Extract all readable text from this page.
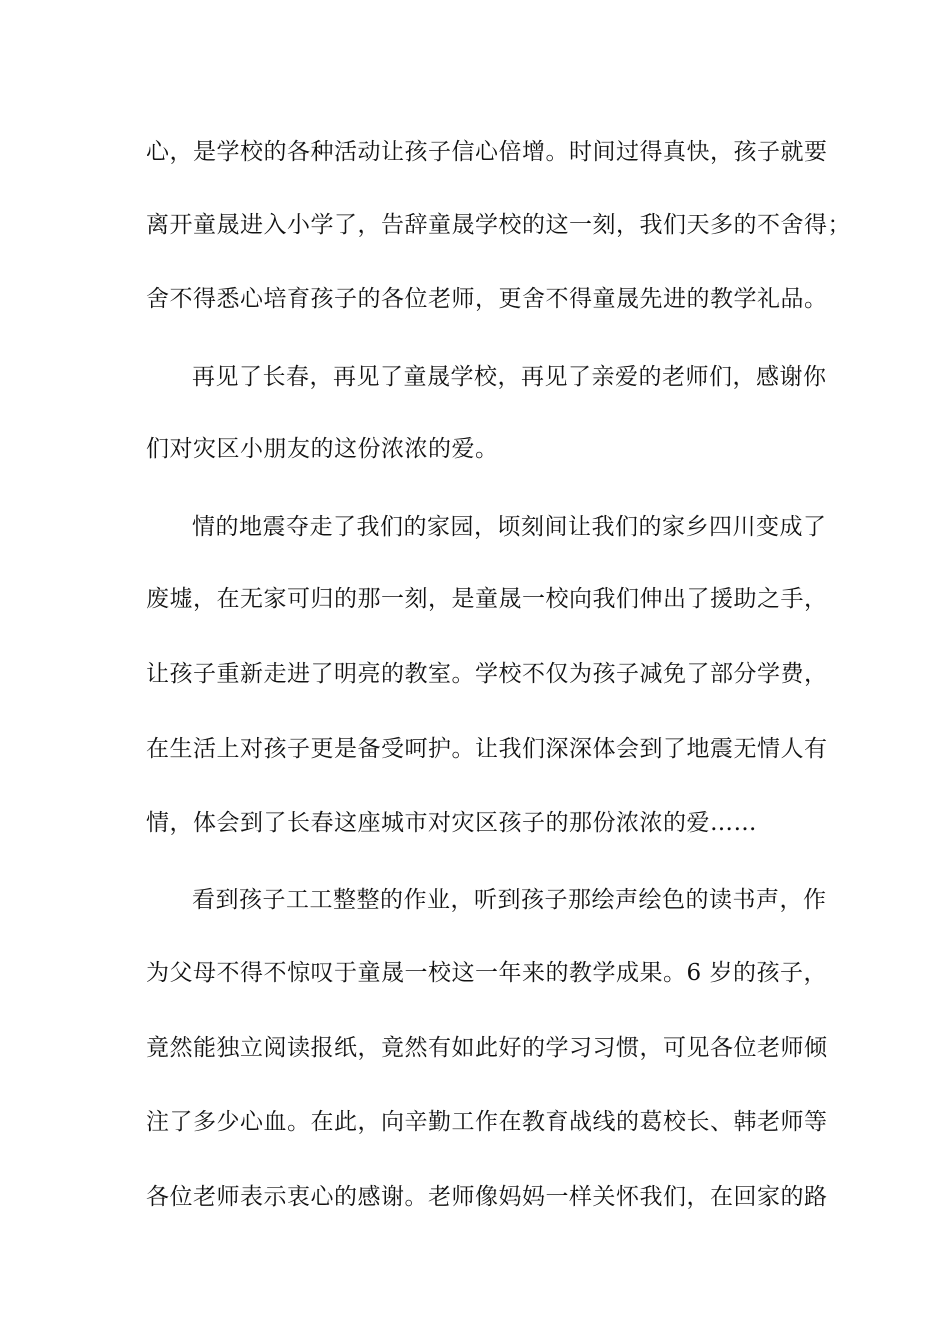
心，是学校的各种活动让孩子信心倍增。时间过得真快，孩子就要
离开童晟进入小学了，告辞童晟学校的这一刻，我们天多的不舍得；
舍不得悉心培育孩子的各位老师，更舍不得童晟先进的教学礼品。
再见了长春，再见了童晟学校，再见了亲爱的老师们，感谢你
们对灾区小朋友的这份浓浓的爱。
情的地震夺走了我们的家园，顷刻间让我们的家乡四川变成了
废墟，在无家可归的那一刻，是童晟一校向我们伸出了援助之手，
让孩子重新走进了明亮的教室。学校不仅为孩子减免了部分学费，
在生活上对孩子更是备受呵护。让我们深深体会到了地震无情人有
情，体会到了长春这座城市对灾区孩子的那份浓浓的爱……
看到孩子工工整整的作业，听到孩子那绘声绘色的读书声，作
为父母不得不惊叹于童晟一校这一年来的教学成果。6 岁的孩子，
竟然能独立阅读报纸，竟然有如此好的学习习惯，可见各位老师倾
注了多少心血。在此，向辛勤工作在教育战线的葛校长、韩老师等
各位老师表示衷心的感谢。老师像妈妈一样关怀我们，在回家的路
